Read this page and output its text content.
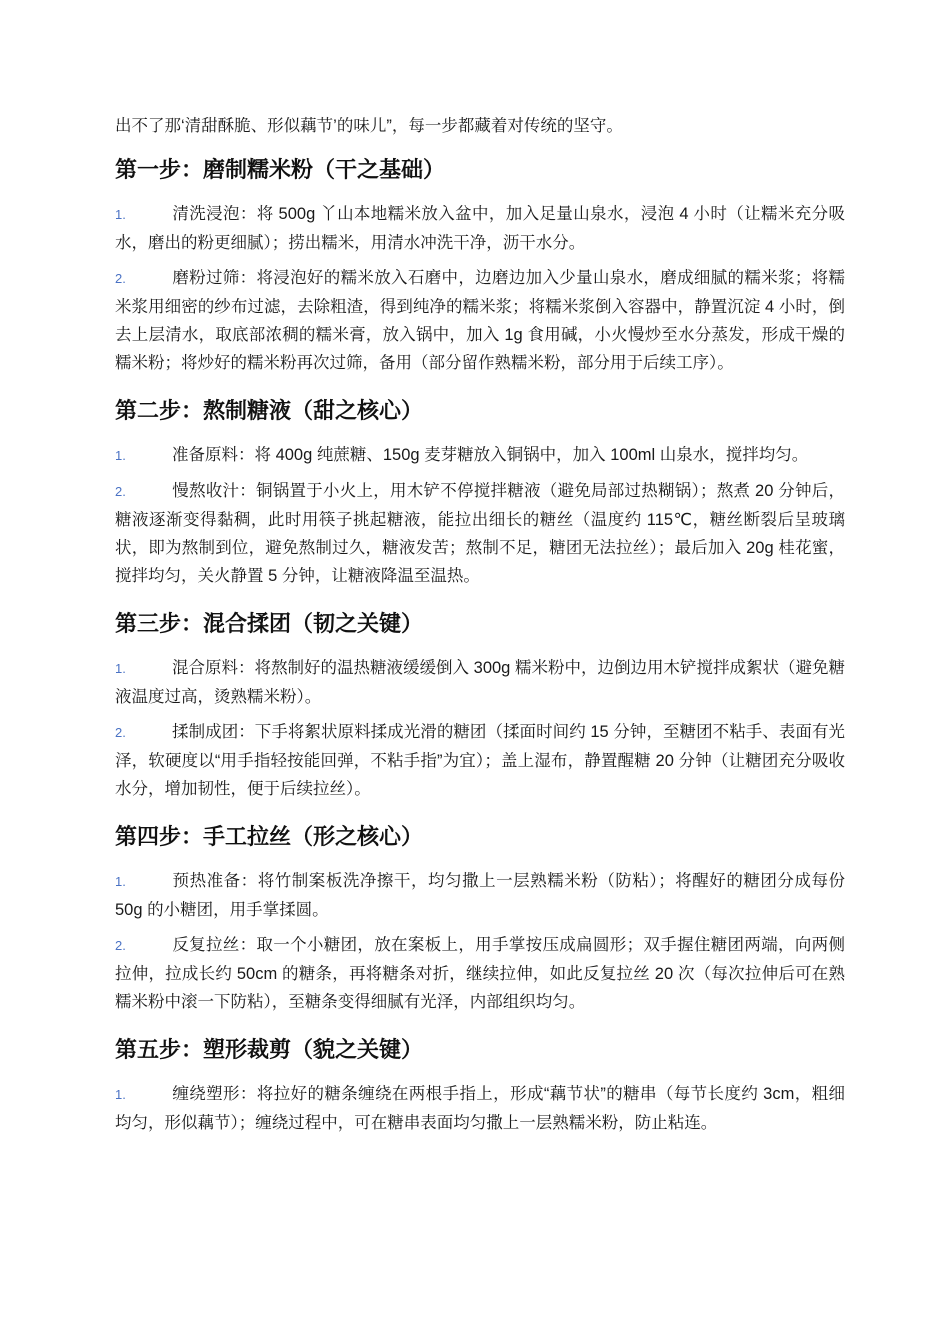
出不了那‘清甜酥脆、形似藕节’的味儿”，每一步都藏着对传统的坚守。

第一步：磨制糯米粉（干之基础）
1.	清洗浸泡：将 500g 丫山本地糯米放入盆中，加入足量山泉水，浸泡 4 小时（让糯米充分吸水，磨出的粉更细腻）；捞出糯米，用清水冲洗干净，沥干水分。
2.	磨粉过筛：将浸泡好的糯米放入石磨中，边磨边加入少量山泉水，磨成细腻的糯米浆；将糯米浆用细密的纱布过滤，去除粗渣，得到纯净的糯米浆；将糯米浆倒入容器中，静置沉淀 4 小时，倒去上层清水，取底部浓稠的糯米膏，放入锅中，加入 1g 食用碱，小火慢炒至水分蒸发，形成干燥的糯米粉；将炒好的糯米粉再次过筛，备用（部分留作熟糯米粉，部分用于后续工序）。
第二步：熬制糖液（甜之核心）
1.	准备原料：将 400g 纯蔗糖、150g 麦芽糖放入铜锅中，加入 100ml 山泉水，搅拌均匀。
2.	慢熬收汁：铜锅置于小火上，用木铲不停搅拌糖液（避免局部过热糊锅）；熬煮 20 分钟后，糖液逐渐变得黏稠，此时用筷子挑起糖液，能拉出细长的糖丝（温度约 115℃，糖丝断裂后呈玻璃状，即为熬制到位，避免熬制过久，糖液发苦；熬制不足，糖团无法拉丝）；最后加入 20g 桂花蜜，搅拌均匀，关火静置 5 分钟，让糖液降温至温热。
第三步：混合揉团（韧之关键）
1.	混合原料：将熬制好的温热糖液缓缓倒入 300g 糯米粉中，边倒边用木铲搅拌成絮状（避免糖液温度过高，烫熟糯米粉）。
2.	揉制成团：下手将絮状原料揉成光滑的糖团（揉面时间约 15 分钟，至糖团不粘手、表面有光泽，软硬度以“用手指轻按能回弹，不粘手指”为宜）；盖上湿布，静置醒糖 20 分钟（让糖团充分吸收水分，增加韧性，便于后续拉丝）。
第四步：手工拉丝（形之核心）
1.	预热准备：将竹制案板洗净擦干，均匀撒上一层熟糯米粉（防粘）；将醒好的糖团分成每份 50g 的小糖团，用手掌揉圆。
2.	反复拉丝：取一个小糖团，放在案板上，用手掌按压成扁圆形；双手握住糖团两端，向两侧拉伸，拉成长约 50cm 的糖条，再将糖条对折，继续拉伸，如此反复拉丝 20 次（每次拉伸后可在熟糯米粉中滚一下防粘），至糖条变得细腻有光泽，内部组织均匀。
第五步：塑形裁剪（貌之关键）
1.	缠绕塑形：将拉好的糖条缠绕在两根手指上，形成“藕节状”的糖串（每节长度约 3cm，粗细均匀，形似藕节）；缠绕过程中，可在糖串表面均匀撒上一层熟糯米粉，防止粘连。
